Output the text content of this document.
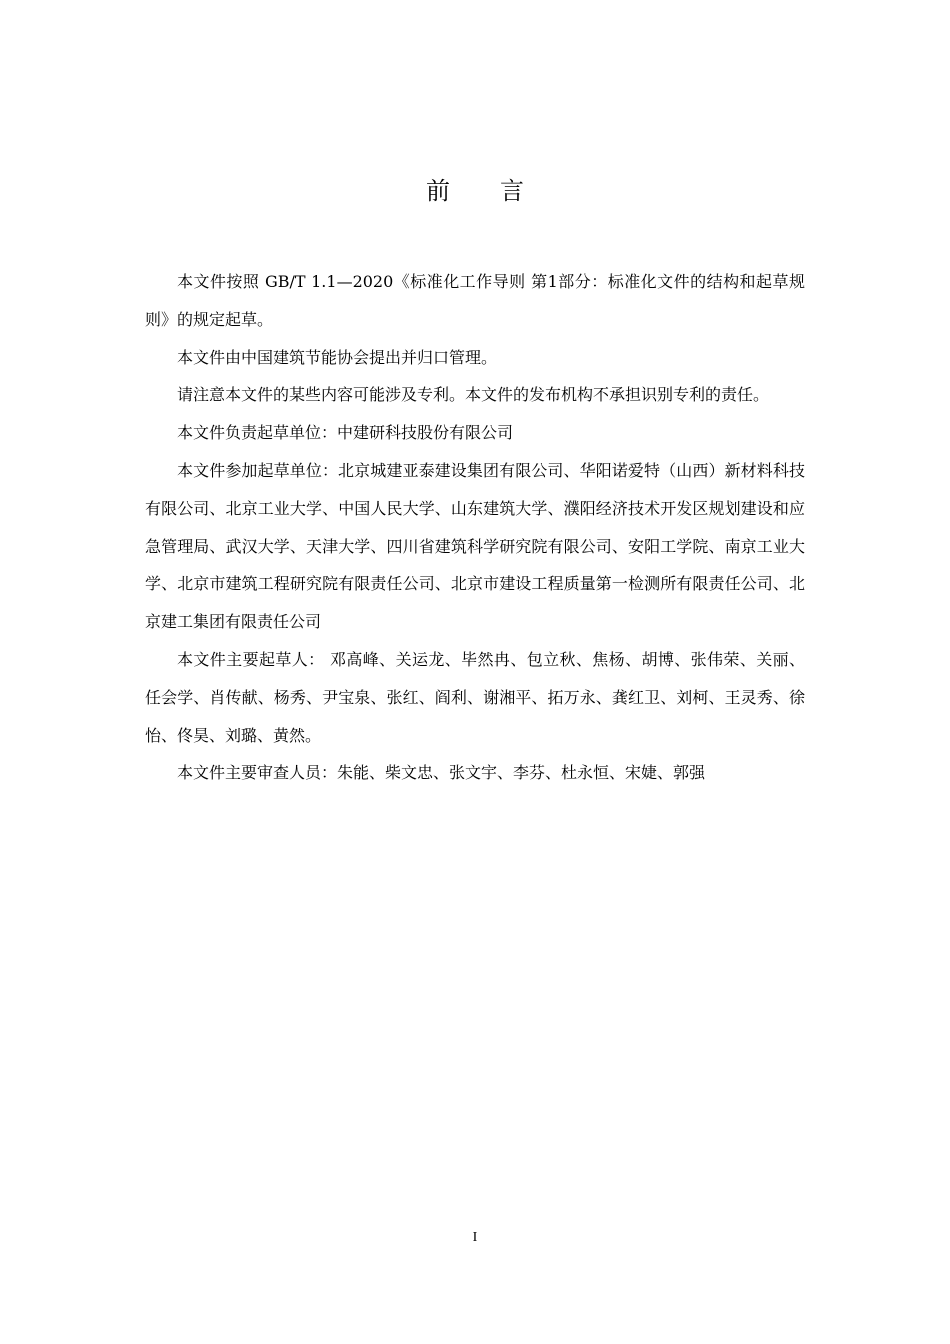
前 言

本文件按照 GB/T 1.1—2020《标准化工作导则 第1部分：标准化文件的结构和起草规则》的规定起草。

本文件由中国建筑节能协会提出并归口管理。

请注意本文件的某些内容可能涉及专利。本文件的发布机构不承担识别专利的责任。

本文件负责起草单位：中建研科技股份有限公司

本文件参加起草单位：北京城建亚泰建设集团有限公司、华阳诺爱特（山西）新材料科技有限公司、北京工业大学、中国人民大学、山东建筑大学、濮阳经济技术开发区规划建设和应急管理局、武汉大学、天津大学、四川省建筑科学研究院有限公司、安阳工学院、南京工业大学、北京市建筑工程研究院有限责任公司、北京市建设工程质量第一检测所有限责任公司、北京建工集团有限责任公司

本文件主要起草人： 邓高峰、关运龙、毕然冉、包立秋、焦杨、胡博、张伟荣、关丽、任会学、肖传献、杨秀、尹宝泉、张红、阎利、谢湘平、拓万永、龚红卫、刘柯、王灵秀、徐怡、佟昊、刘璐、黄然。

本文件主要审查人员：朱能、柴文忠、张文宇、李芬、杜永恒、宋婕、郭强

I
